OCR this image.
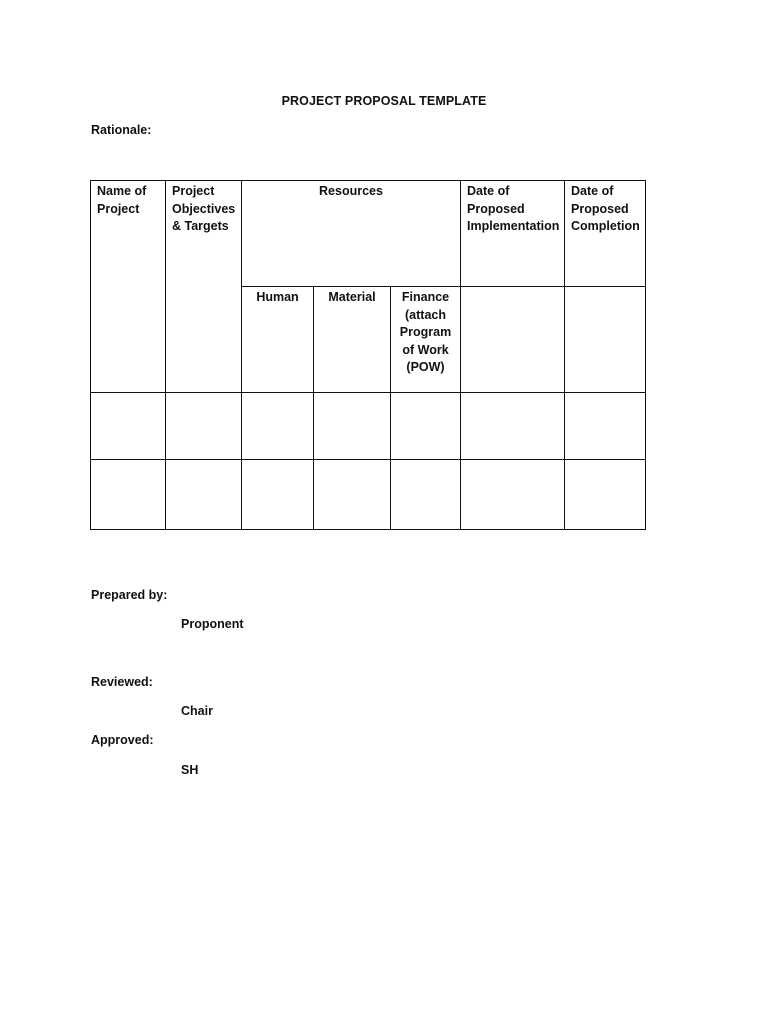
PROJECT PROPOSAL TEMPLATE
Rationale:
Name of Project	Project Objectives & Targets	Resources			Date of Proposed Implementation	Date of Proposed Completion
		Human	Material	Finance (attach Program of Work (POW)		

Prepared by:
Proponent
Reviewed:
Chair
Approved:
SH
